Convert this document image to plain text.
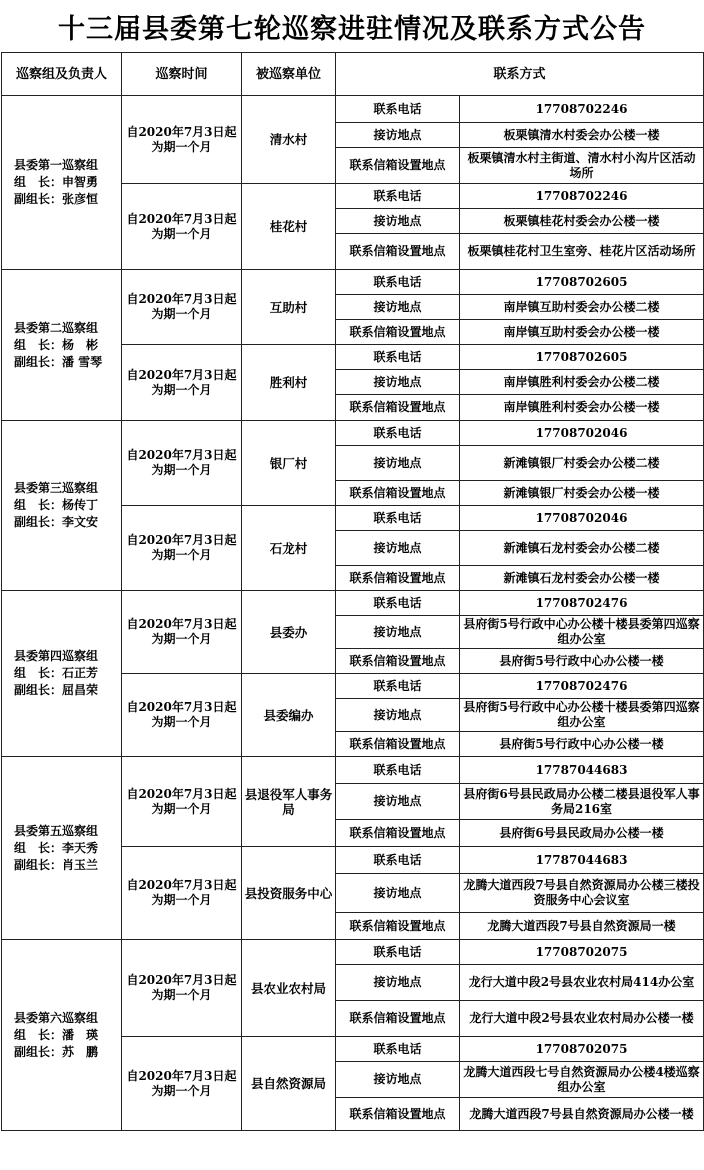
十三届县委第七轮巡察进驻情况及联系方式公告
巡察组及负责人	巡察时间	被巡察单位	联系方式	

县委第一巡察组
组　长：申智勇
副组长：张彦恒	自2020年7月3日起为期一个月	清水村	联系电话	17708702246
			接访地点	板栗镇清水村委会办公楼一楼
			联系信箱设置地点	板栗镇清水村主街道、清水村小沟片区活动场所
	自2020年7月3日起为期一个月	桂花村	联系电话	17708702246
			接访地点	板栗镇桂花村委会办公楼一楼
			联系信箱设置地点	板栗镇桂花村卫生室旁、桂花片区活动场所

县委第二巡察组
组　长：杨　彬
副组长：潘 雪琴	自2020年7月3日起为期一个月	互助村	联系电话	17708702605
			接访地点	南岸镇互助村委会办公楼二楼
			联系信箱设置地点	南岸镇互助村委会办公楼一楼
	自2020年7月3日起为期一个月	胜利村	联系电话	17708702605
			接访地点	南岸镇胜利村委会办公楼二楼
			联系信箱设置地点	南岸镇胜利村委会办公楼一楼

县委第三巡察组
组　长：杨传丁
副组长：李文安	自2020年7月3日起为期一个月	银厂村	联系电话	17708702046
			接访地点	新滩镇银厂村委会办公楼二楼
			联系信箱设置地点	新滩镇银厂村委会办公楼一楼
	自2020年7月3日起为期一个月	石龙村	联系电话	17708702046
			接访地点	新滩镇石龙村委会办公楼二楼
			联系信箱设置地点	新滩镇石龙村委会办公楼一楼

县委第四巡察组
组　长：石正芳
副组长：屈昌荣	自2020年7月3日起为期一个月	县委办	联系电话	17708702476
			接访地点	县府街5号行政中心办公楼十楼县委第四巡察组办公室
			联系信箱设置地点	县府街5号行政中心办公楼一楼
	自2020年7月3日起为期一个月	县委编办	联系电话	17708702476
			接访地点	县府街5号行政中心办公楼十楼县委第四巡察组办公室
			联系信箱设置地点	县府街5号行政中心办公楼一楼

县委第五巡察组
组　长：李天秀
副组长：肖玉兰	自2020年7月3日起为期一个月	县退役军人事务局	联系电话	17787044683
			接访地点	县府街6号县民政局办公楼二楼县退役军人事务局216室
			联系信箱设置地点	县府街6号县民政局办公楼一楼
	自2020年7月3日起为期一个月	县投资服务中心	联系电话	17787044683
			接访地点	龙腾大道西段7号县自然资源局办公楼三楼投资服务中心会议室
			联系信箱设置地点	龙腾大道西段7号县自然资源局一楼

县委第六巡察组
组　长：潘　瑛
副组长：苏　鹏	自2020年7月3日起为期一个月	县农业农村局	联系电话	17708702075
			接访地点	龙行大道中段2号县农业农村局414办公室
			联系信箱设置地点	龙行大道中段2号县农业农村局办公楼一楼
	自2020年7月3日起为期一个月	县自然资源局	联系电话	17708702075
			接访地点	龙腾大道西段七号自然资源局办公楼4楼巡察组办公室
			联系信箱设置地点	龙腾大道西段7号县自然资源局办公楼一楼
